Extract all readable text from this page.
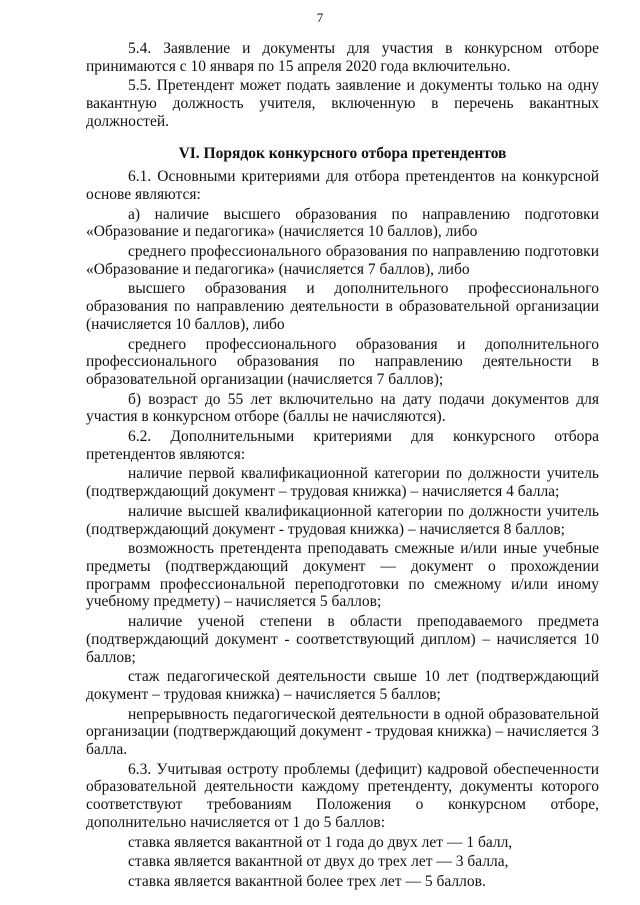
7

5.4. Заявление и документы для участия в конкурсном отборе принимаются с 10 января по 15 апреля 2020 года включительно.

5.5. Претендент может подать заявление и документы только на одну вакантную должность учителя, включенную в перечень вакантных должностей.

VI. Порядок конкурсного отбора претендентов

6.1. Основными критериями для отбора претендентов на конкурсной основе являются:

а) наличие высшего образования по направлению подготовки «Образование и педагогика» (начисляется 10 баллов), либо

среднего профессионального образования по направлению подготовки «Образование и педагогика» (начисляется 7 баллов), либо

высшего образования и дополнительного профессионального образования по направлению деятельности в образовательной организации (начисляется 10 баллов), либо

среднего профессионального образования и дополнительного профессионального образования по направлению деятельности в образовательной организации (начисляется 7 баллов);

б) возраст до 55 лет включительно на дату подачи документов для участия в конкурсном отборе (баллы не начисляются).

6.2. Дополнительными критериями для конкурсного отбора претендентов являются:

наличие первой квалификационной категории по должности учитель (подтверждающий документ – трудовая книжка) – начисляется 4 балла;

наличие высшей квалификационной категории по должности учитель (подтверждающий документ - трудовая книжка) – начисляется 8 баллов;

возможность претендента преподавать смежные и/или иные учебные предметы (подтверждающий документ — документ о прохождении программ профессиональной переподготовки по смежному и/или иному учебному предмету) – начисляется 5 баллов;

наличие ученой степени в области преподаваемого предмета (подтверждающий документ - соответствующий диплом) – начисляется 10 баллов;

стаж педагогической деятельности свыше 10 лет (подтверждающий документ – трудовая книжка) – начисляется 5 баллов;

непрерывность педагогической деятельности в одной образовательной организации (подтверждающий документ - трудовая книжка) – начисляется 3 балла.

6.3. Учитывая остроту проблемы (дефицит) кадровой обеспеченности образовательной деятельности каждому претенденту, документы которого соответствуют требованиям Положения о конкурсном отборе, дополнительно начисляется от 1 до 5 баллов:

ставка является вакантной от 1 года до двух лет — 1 балл,

ставка является вакантной от двух до трех лет — 3 балла,

ставка является вакантной более трех лет — 5 баллов.
